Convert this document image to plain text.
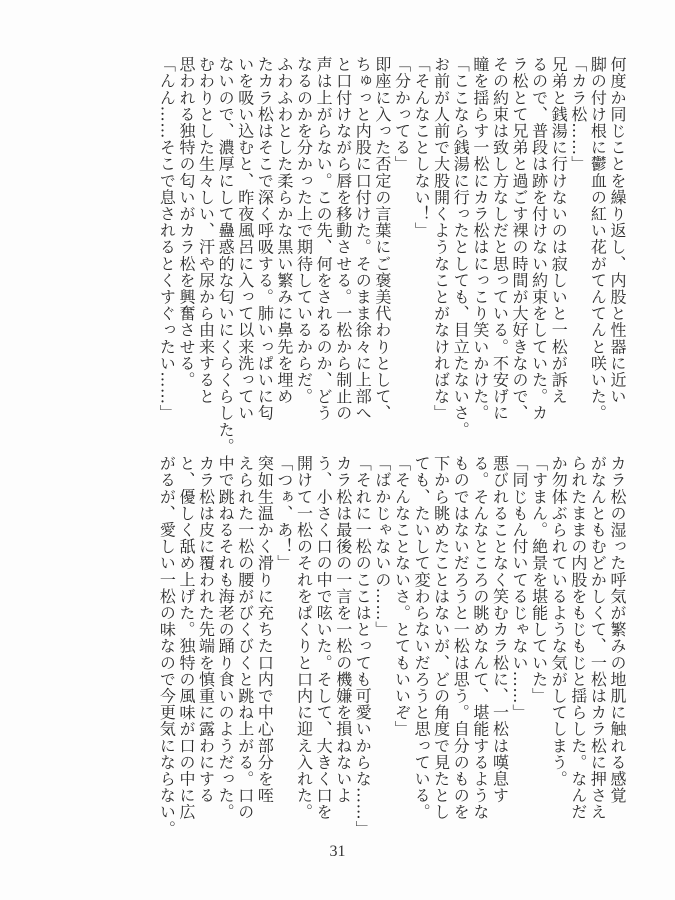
何度か同じことを繰り返し、内股と性器に近い
脚の付け根に鬱血の紅い花がてんてんと咲いた。
「カラ松……」
兄弟と銭湯に行けないのは寂しいと一松が訴え
るので、普段は跡を付けない約束をしていた。カ
ラ松とて兄弟と過ごす裸の時間が大好きなので、
その約束は致し方なしだと思っている。不安げに
瞳を揺らす一松にカラ松はにっこり笑いかけた。
「ここなら銭湯に行ったとしても、目立たないさ。
お前が人前で大股開くようなことがなければな」
「そんなことしない！」
「分かってる」
即座に入った否定の言葉にご褒美代わりとして、
ちゅっと内股に口付けた。そのまま徐々に上部へ
と口付けながら唇を移動させる。一松から制止の
声は上がらない。この先、何をされるのか、どう
なるのかを分かった上で期待しているからだ。
ふわふわとした柔らかな黒い繁みに鼻先を埋め
たカラ松はそこで深く呼吸する。肺いっぱいに匂
いを吸い込むと、昨夜風呂に入って以来洗ってい
ないので、濃厚にして蠱惑的な匂いにくらくらした。
むわりとした生々しい、汗や尿から由来すると
思われる独特の匂いがカラ松を興奮させる。
「んん……そこで息されるとくすぐったい……」
カラ松の湿った呼気が繁みの地肌に触れる感覚
がなんともむどかしくて、一松はカラ松に押さえ
られたままの内股をもじもじと揺らした。なんだ
か勿体ぶられているような気がしてしまう。
「すまん。絶景を堪能していた」
「同じもん付いてるじゃない……」
悪びれることなく笑むカラ松に、一松は嘆息す
る。そんなところの眺めなんて、堪能するような
ものではないだろうと一松は思う。自分のものを
下から眺めたことはないが、どの角度で見たとし
ても、たいして変わらないだろうと思っている。
「そんなことないさ。とてもいいぞ」
「ばかじゃないの……」
「それに一松のここはとっても可愛いからな……」
カラ松は最後の一言を一松の機嫌を損ねないよ
う、小さく口の中で呟いた。そして、大きく口を
開けて一松のそれをぱくりと口内に迎え入れた。
「つぁ、あ！」
突如生温かく滑りに充ちた口内で中心部分を咥
えられた一松の腰がびくびくと跳ね上がる。口の
中で跳ねるそれも海老の踊り食いのようだった。
カラ松は皮に覆われた先端を慎重に露わにする
と、優しく舐め上げた。独特の風味が口の中に広
がるが、愛しい一松の味なので今更気にならない。
31
